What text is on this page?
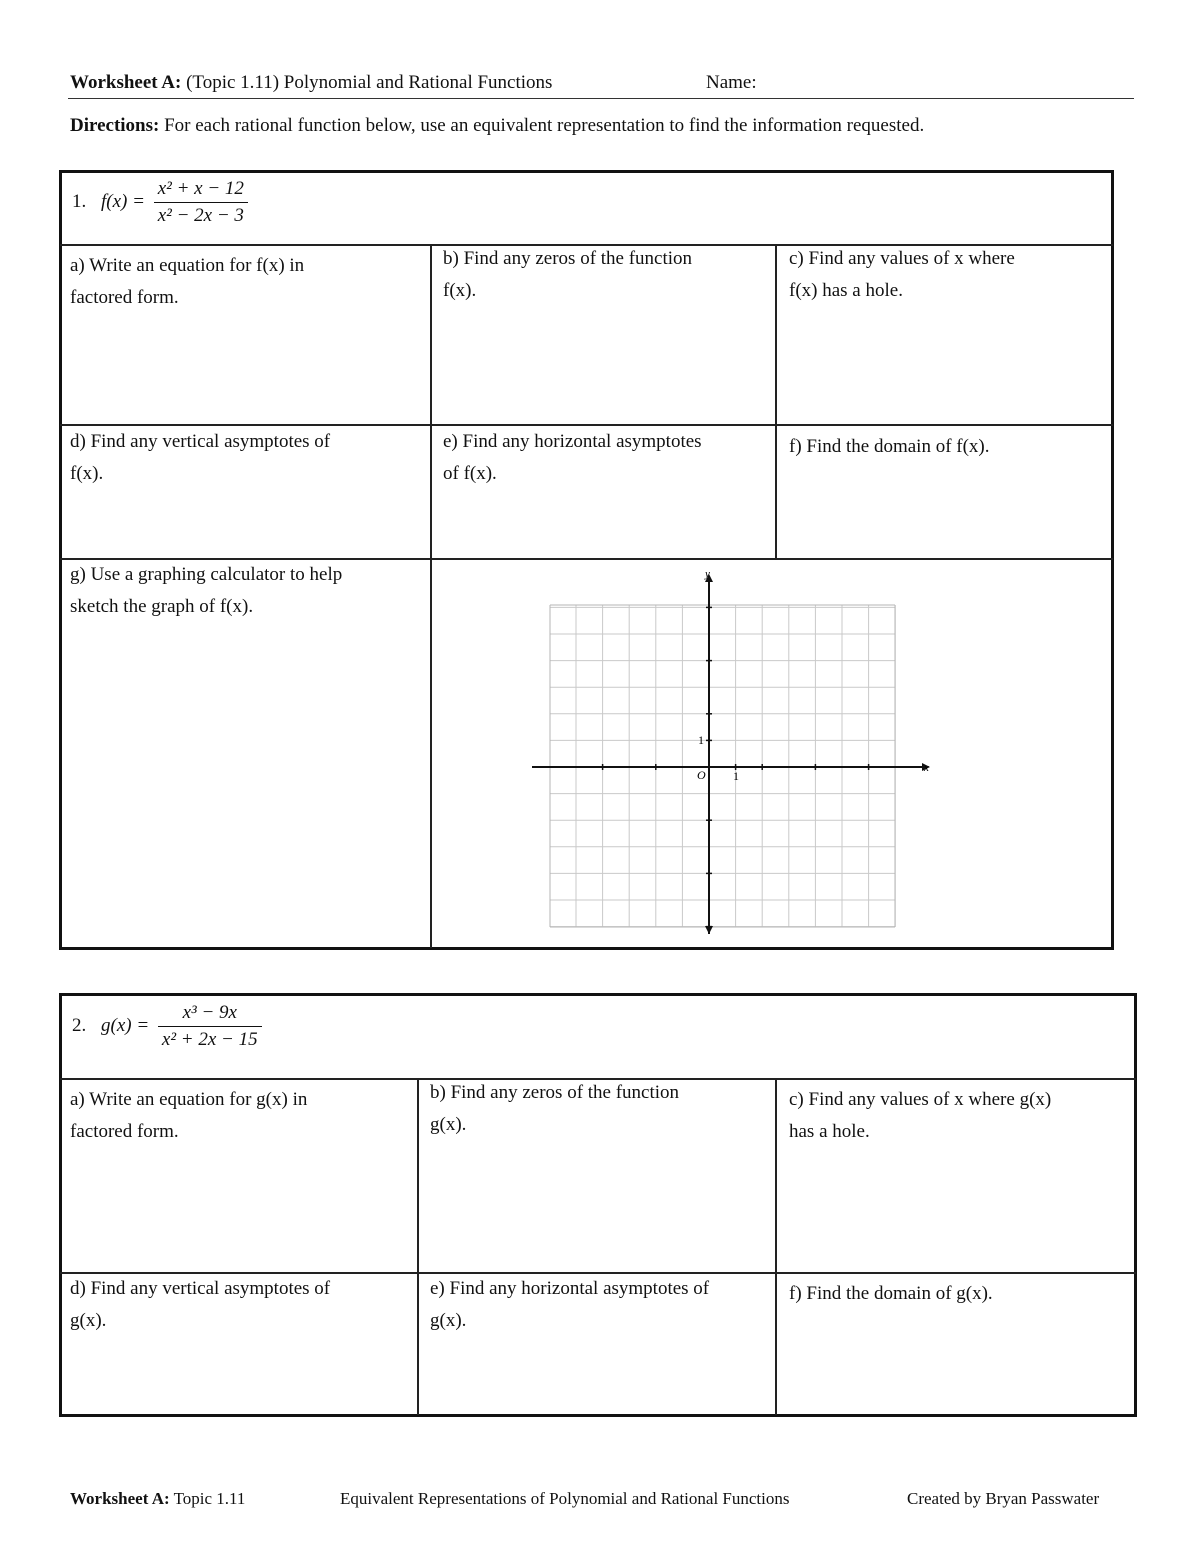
Worksheet A: (Topic 1.11) Polynomial and Rational Functions	Name:
Directions: For each rational function below, use an equivalent representation to find the information requested.
1. $f(x) = \frac{\text{x² + x − 12}}{\text{x² − 2x − 3}}$
a) Write an equation for f(x) in
factored form.
b) Find any zeros of the function
f(x).
c) Find any values of x where
f(x) has a hole.
d) Find any vertical asymptotes of
f(x).
e) Find any horizontal asymptotes
of f(x).
f) Find the domain of f(x).
g) Use a graphing calculator to help
sketch the graph of f(x).
y
x
O 1
1
2. $g(x) = \frac{\text{x³ − 9x}}{\text{x² + 2x − 15}}$
a) Write an equation for g(x) in
factored form.
b) Find any zeros of the function
g(x).
c) Find any values of x where g(x)
has a hole.
d) Find any vertical asymptotes of
g(x).
e) Find any horizontal asymptotes of
g(x).
f) Find the domain of g(x).
Worksheet A: Topic 1.11	Equivalent Representations of Polynomial and Rational Functions	Created by Bryan Passwater
